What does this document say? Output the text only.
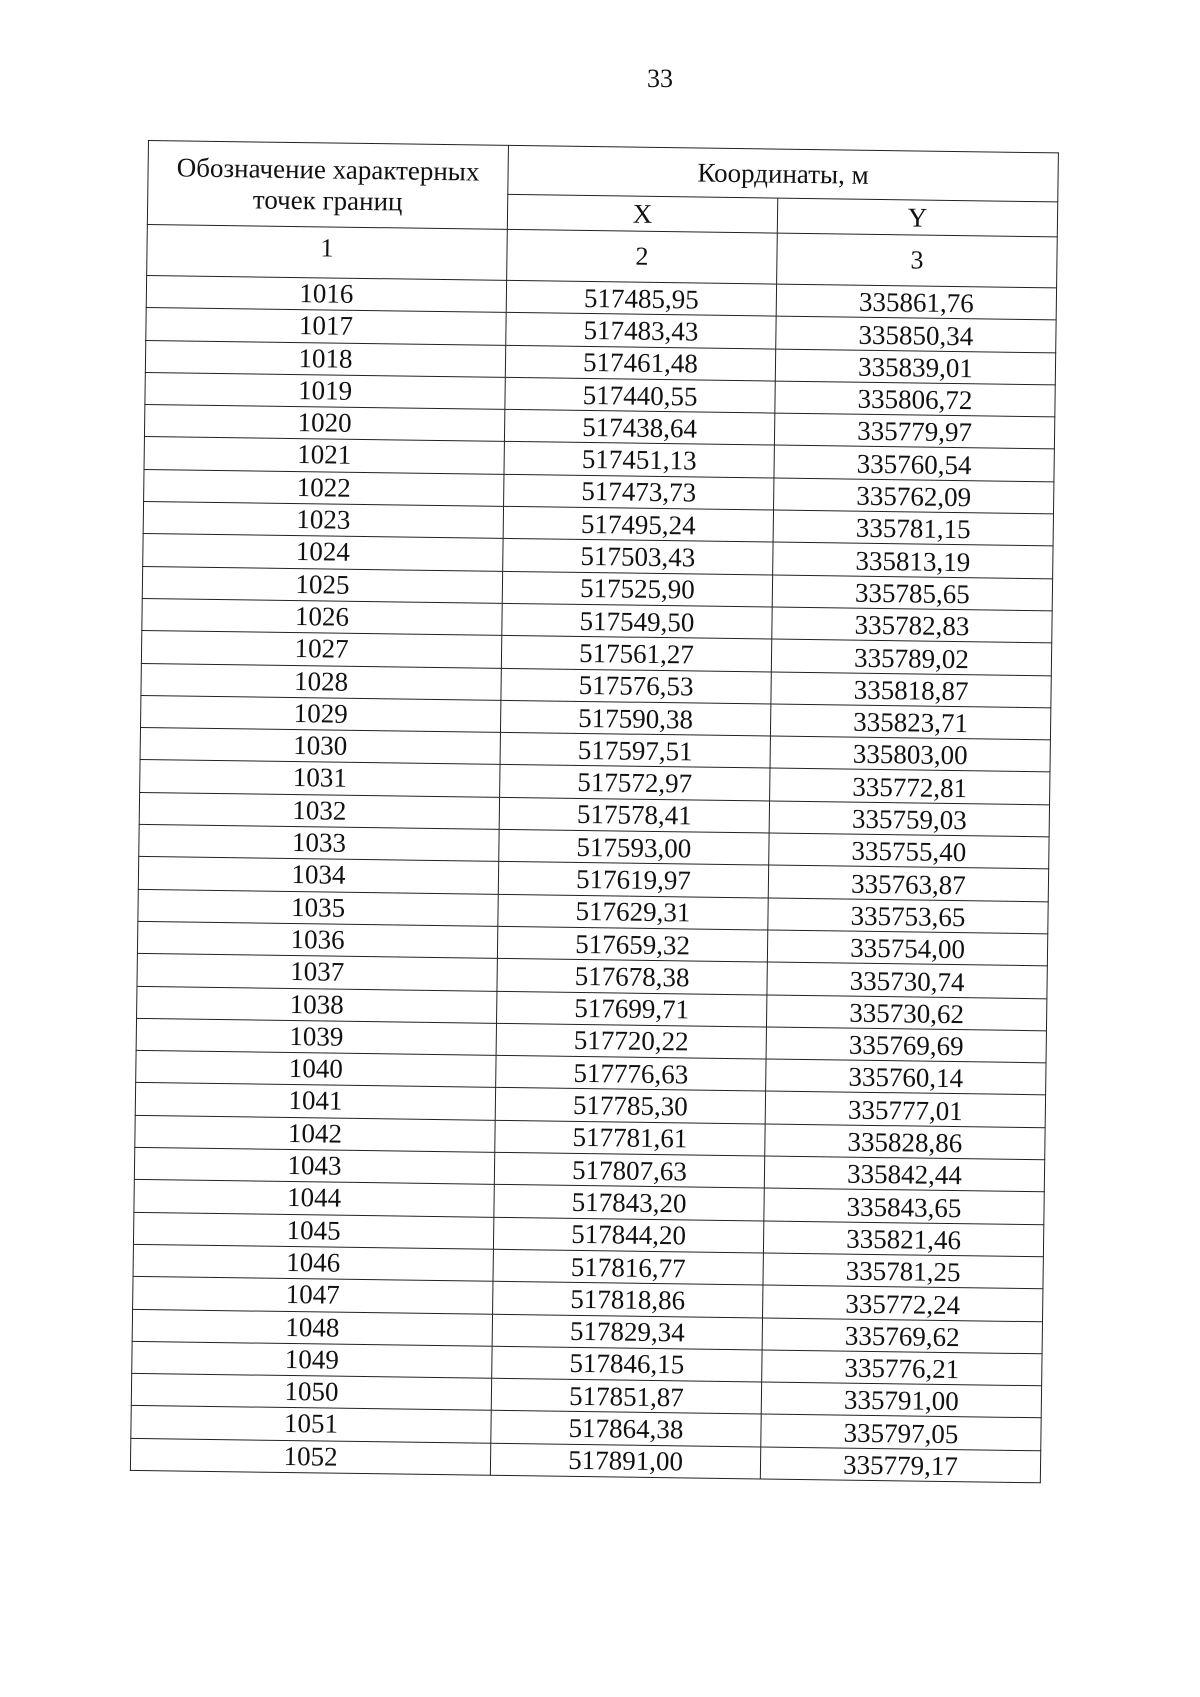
33
Обозначение характерных точек границ	Координаты, м	
	X	Y
1	2	3
1016	517485,95	335861,76
1017	517483,43	335850,34
1018	517461,48	335839,01
1019	517440,55	335806,72
1020	517438,64	335779,97
1021	517451,13	335760,54
1022	517473,73	335762,09
1023	517495,24	335781,15
1024	517503,43	335813,19
1025	517525,90	335785,65
1026	517549,50	335782,83
1027	517561,27	335789,02
1028	517576,53	335818,87
1029	517590,38	335823,71
1030	517597,51	335803,00
1031	517572,97	335772,81
1032	517578,41	335759,03
1033	517593,00	335755,40
1034	517619,97	335763,87
1035	517629,31	335753,65
1036	517659,32	335754,00
1037	517678,38	335730,74
1038	517699,71	335730,62
1039	517720,22	335769,69
1040	517776,63	335760,14
1041	517785,30	335777,01
1042	517781,61	335828,86
1043	517807,63	335842,44
1044	517843,20	335843,65
1045	517844,20	335821,46
1046	517816,77	335781,25
1047	517818,86	335772,24
1048	517829,34	335769,62
1049	517846,15	335776,21
1050	517851,87	335791,00
1051	517864,38	335797,05
1052	517891,00	335779,17
